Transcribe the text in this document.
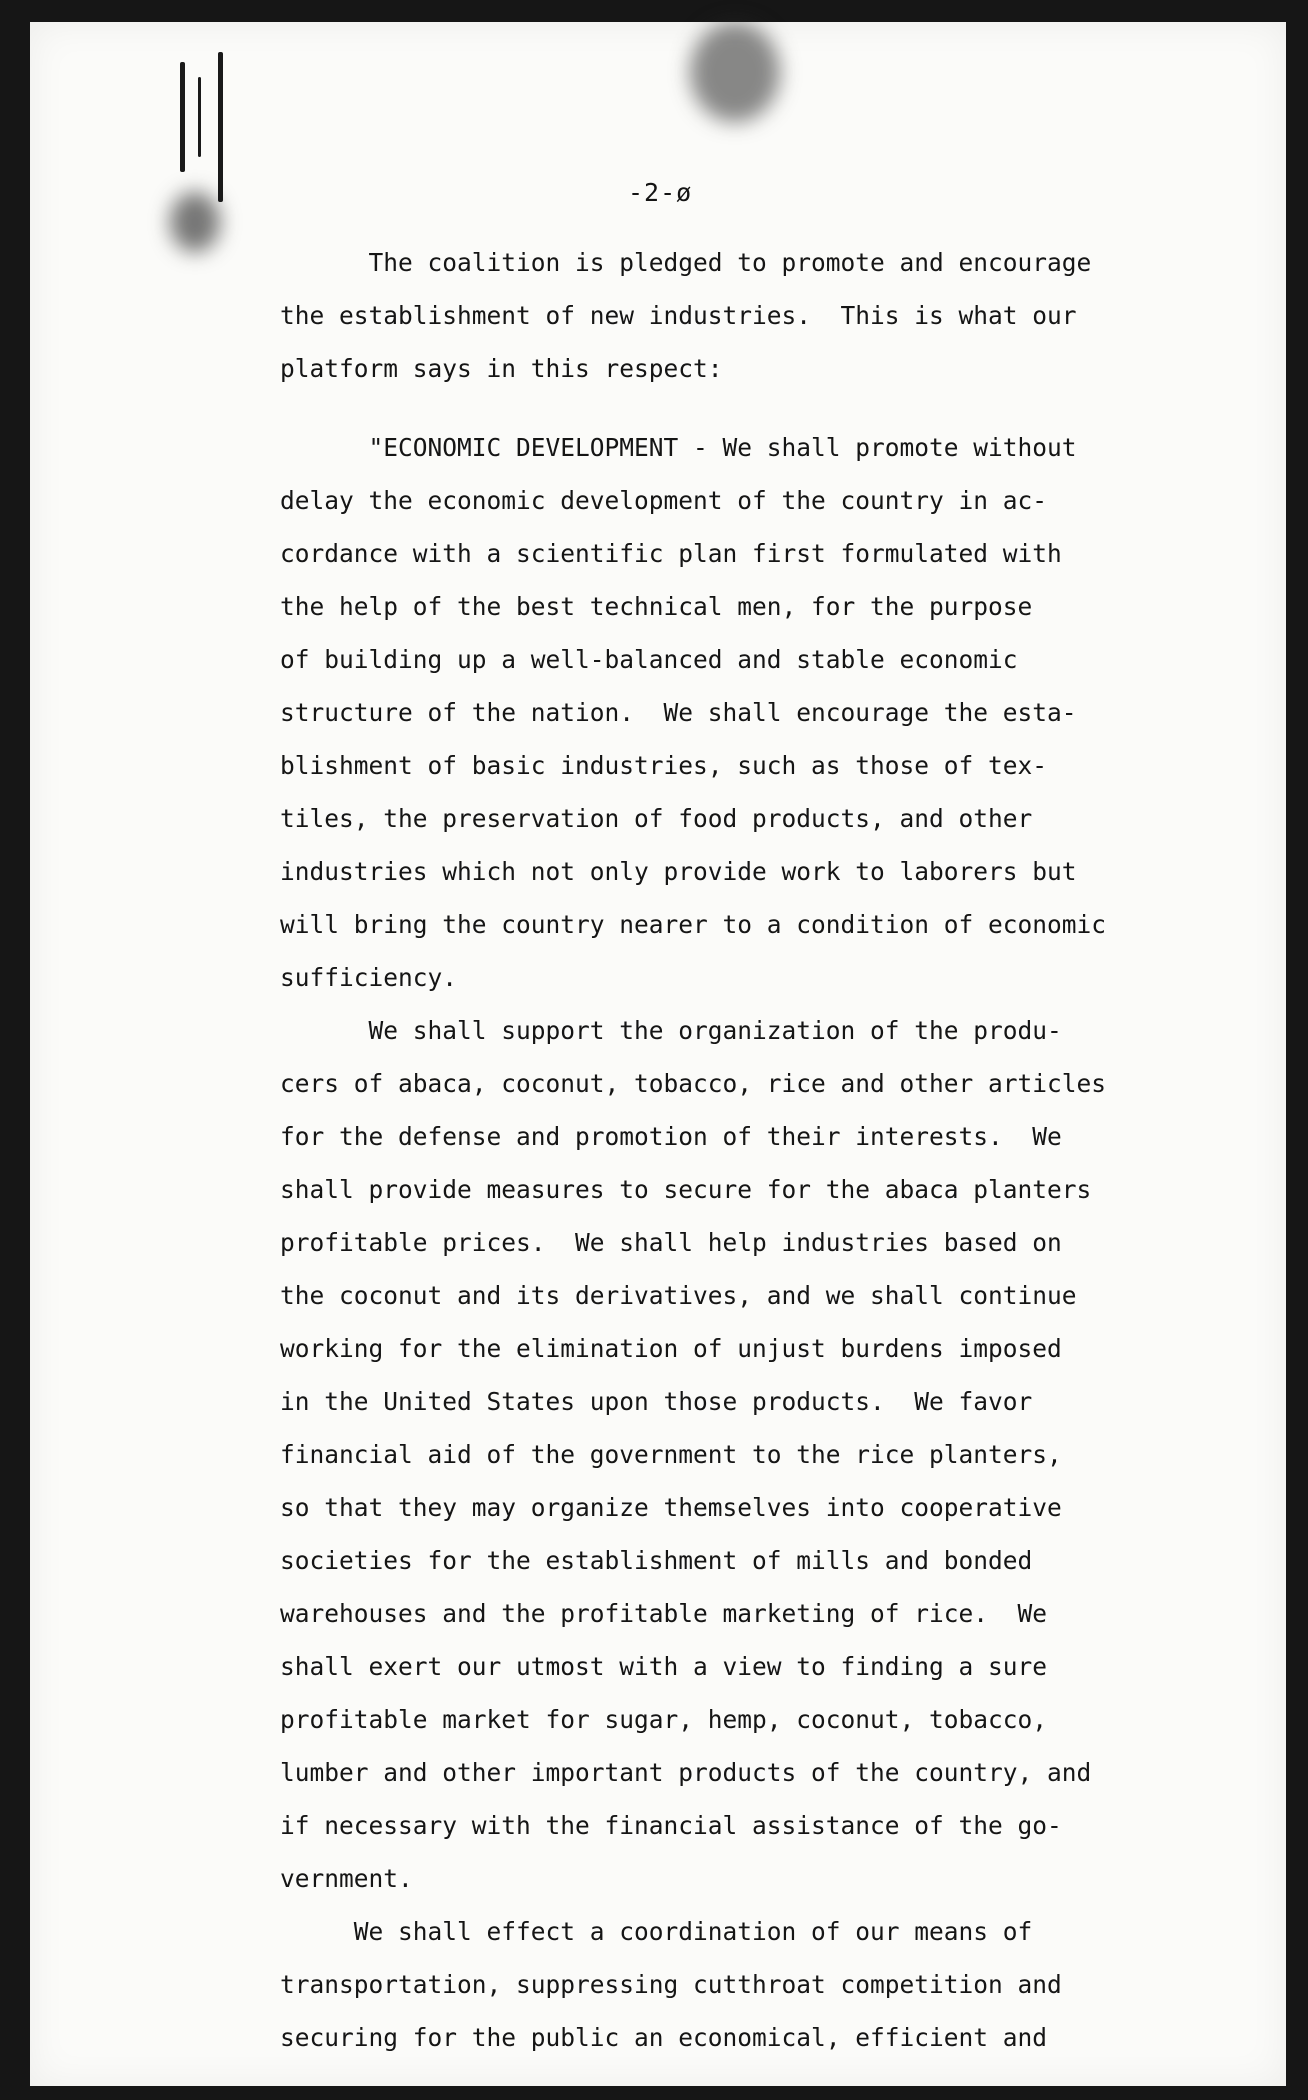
-2-ø
The coalition is pledged to promote and encourage
the establishment of new industries.  This is what our
platform says in this respect:
"ECONOMIC DEVELOPMENT - We shall promote without
delay the economic development of the country in ac-
cordance with a scientific plan first formulated with
the help of the best technical men, for the purpose
of building up a well-balanced and stable economic
structure of the nation.  We shall encourage the esta-
blishment of basic industries, such as those of tex-
tiles, the preservation of food products, and other
industries which not only provide work to laborers but
will bring the country nearer to a condition of economic
sufficiency.
We shall support the organization of the produ-
cers of abaca, coconut, tobacco, rice and other articles
for the defense and promotion of their interests.  We
shall provide measures to secure for the abaca planters
profitable prices.  We shall help industries based on
the coconut and its derivatives, and we shall continue
working for the elimination of unjust burdens imposed
in the United States upon those products.  We favor
financial aid of the government to the rice planters,
so that they may organize themselves into cooperative
societies for the establishment of mills and bonded
warehouses and the profitable marketing of rice.  We
shall exert our utmost with a view to finding a sure
profitable market for sugar, hemp, coconut, tobacco,
lumber and other important products of the country, and
if necessary with the financial assistance of the go-
vernment.
We shall effect a coordination of our means of
transportation, suppressing cutthroat competition and
securing for the public an economical, efficient and
